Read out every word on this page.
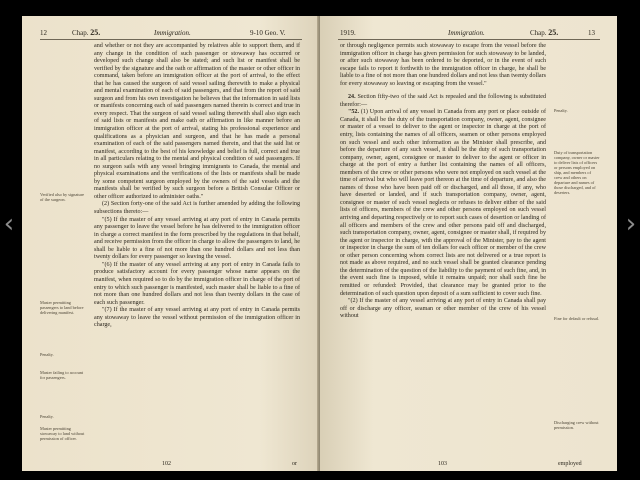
12	Chap. 25.	Immigration.	9-10 Geo. V.

and whether or not they are accompanied by relatives able to support them, and if any change in the condition of such passenger or stowaway has occurred or developed such change shall also be stated; and such list or manifest shall be verified by the signature and the oath or affirmation of the master or other officer in command, taken before an immigration officer at the port of arrival, to the effect that he has caused the surgeon of said vessel sailing therewith to make a physical and mental examination of each of said passengers, and that from the report of said surgeon and from his own investigation he believes that the information in said lists or manifests concerning each of said passengers named therein is correct and true in every respect. That the surgeon of said vessel sailing therewith shall also sign each of said lists or manifests and make oath or affirmation in like manner before an immigration officer at the port of arrival, stating his professional experience and qualifications as a physician and surgeon, and that he has made a personal examination of each of the said passengers named therein, and that the said list or manifest, according to the best of his knowledge and belief is full, correct and true in all particulars relating to the mental and physical condition of said passengers. If no surgeon sails with any vessel bringing immigrants to Canada, the mental and physical examinations and the verifications of the lists or manifests shall be made by some competent surgeon employed by the owners of the said vessels and the manifests shall be verified by such surgeon before a British Consular Officer or other officer authorized to administer oaths."

(2) Section forty-one of the said Act is further amended by adding the following subsections thereto:—

"(5) If the master of any vessel arriving at any port of entry in Canada permits any passenger to leave the vessel before he has delivered to the immigration officer in charge a correct manifest in the form prescribed by the regulations in that behalf, and receive permission from the officer in charge to allow the passengers to land, he shall be liable to a fine of not more than one hundred dollars and not less than twenty dollars for every passenger so leaving the vessel.

"(6) If the master of any vessel arriving at any port of entry in Canada fails to produce satisfactory account for every passenger whose name appears on the manifest, when required so to do by the immigration officer in charge of the port of entry to which such passenger is manifested, such master shall be liable to a fine of not more than one hundred dollars and not less than twenty dollars in the case of each such passenger.

"(7) If the master of any vessel arriving at any port of entry in Canada permits any stowaway to leave the vessel without permission of the immigration officer in charge,

Verified also by signature of the surgeon.
Master permitting passengers to land before delivering manifest.
Penalty.
Master failing to account for passengers.
Penalty.
Master permitting stowaway to land without permission of officer.
102	or
1919.	Immigration.	Chap. 25.	13

or through negligence permits such stowaway to escape from the vessel before the immigration officer in charge has given permission for such stowaway to be landed, or after such stowaway has been ordered to be deported, or in the event of such escape fails to report it forthwith to the immigration officer in charge, he shall be liable to a fine of not more than one hundred dollars and not less than twenty dollars for every stowaway so leaving or escaping from the vessel."

24. Section fifty-two of the said Act is repealed and the following is substituted therefor:—

"52. (1) Upon arrival of any vessel in Canada from any port or place outside of Canada, it shall be the duty of the transportation company, owner, agent, consignee or master of a vessel to deliver to the agent or inspector in charge at the port of entry, lists containing the names of all officers, seamen or other persons employed on such vessel and such other information as the Minister shall prescribe, and before the departure of any such vessel, it shall be the duty of such transportation company, owner, agent, consignee or master to deliver to the agent or officer in charge at the port of entry a further list containing the names of all officers, members of the crew or other persons who were not employed on such vessel at the time of arrival but who will leave port thereon at the time of departure, and also the names of those who have been paid off or discharged, and all those, if any, who have deserted or landed, and if such transportation company, owner, agent, consignee or master of such vessel neglects or refuses to deliver either of the said lists of officers, members of the crew and other persons employed on such vessel arriving and departing respectively or to report such cases of desertion or landing of all officers and members of the crew and other persons paid off and discharged, such transportation company, owner, agent, consignee or master shall, if required by the agent or inspector in charge, with the approval of the Minister, pay to the agent or inspector in charge the sum of ten dollars for each officer or member of the crew or other person concerning whom correct lists are not delivered or a true report is not made as above required, and no such vessel shall be granted clearance pending the determination of the question of the liability to the payment of such fine, and, in the event such fine is imposed, while it remains unpaid; nor shall such fine be remitted or refunded: Provided, that clearance may be granted prior to the determination of such question upon deposit of a sum sufficient to cover such fine.

"(2) If the master of any vessel arriving at any port of entry in Canada shall pay off or discharge any officer, seaman or other member of the crew of his vessel without

Penalty.
Duty of transportation company, owner or master to deliver lists of officers or persons employed on ship, and members of crew and others on departure and names of those discharged, and of deserters.
Fine for default or refusal.
Discharging crew without permission.
103	employed
‹	›
